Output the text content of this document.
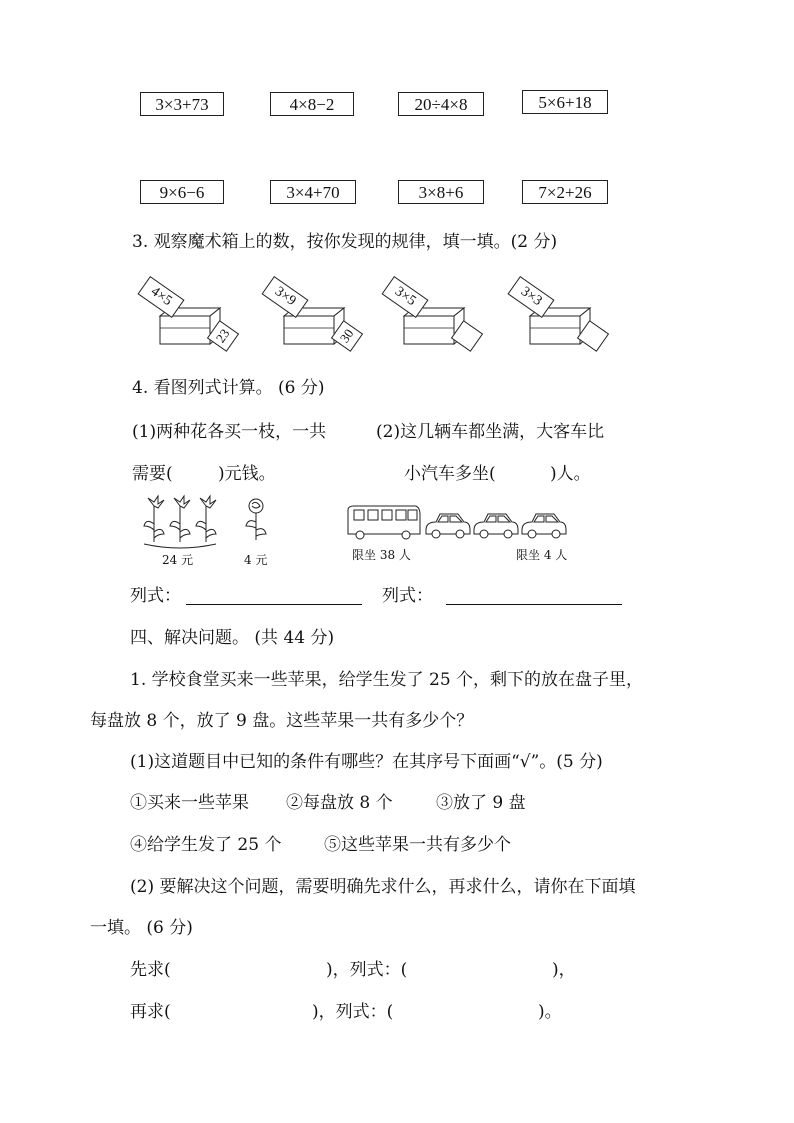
3×3+73	4×8−2	20÷4×8	5×6+18
9×6−6	3×4+70	3×8+6	7×2+26
3. 观察魔术箱上的数，按你发现的规律，填一填。(2 分)
4×5
23
3×9
30
3×5	3×3
4. 看图列式计算。 (6 分)
(1)两种花各买一枝，一共	(2)这几辆车都坐满，大客车比
需要(	)元钱。	小汽车多坐(	)人。
24 元	4 元	限坐 38 人	限坐 4 人
列式：	列式：
四、解决问题。 (共 44 分)
1. 学校食堂买来一些苹果，给学生发了 25 个，剩下的放在盘子里，
每盘放 8 个，放了 9 盘。这些苹果一共有多少个？
(1)这道题目中已知的条件有哪些？在其序号下面画“√”。(5 分)
①买来一些苹果 ②每盘放 8 个	③放了 9 盘
④给学生发了 25 个	⑤这些苹果一共有多少个
(2) 要解决这个问题，需要明确先求什么，再求什么，请你在下面填
一填。 (6 分)
先求(	)，列式：(	)，
再求(	)，列式：(	)。
